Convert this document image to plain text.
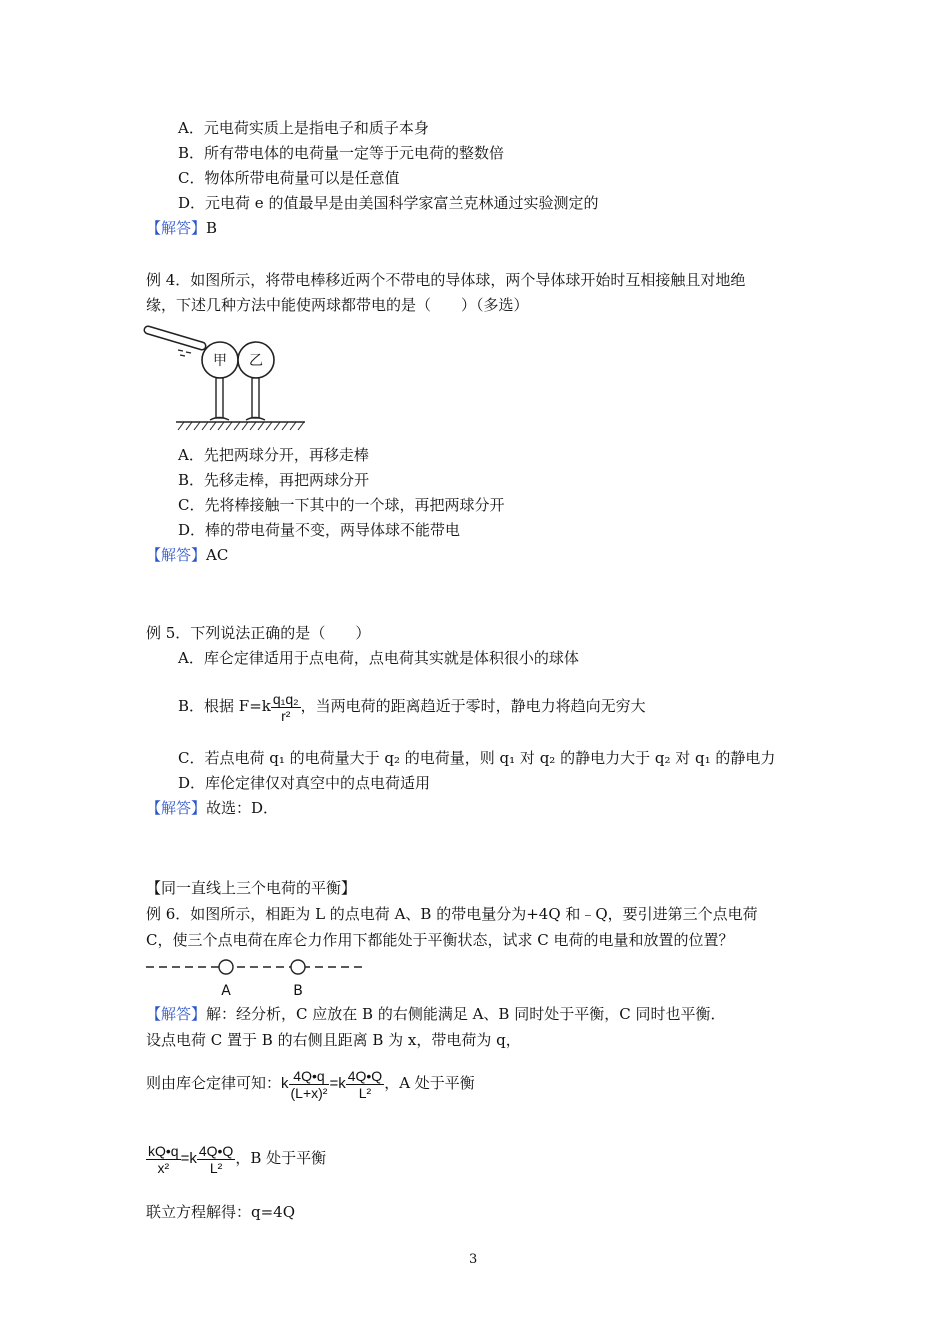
A．元电荷实质上是指电子和质子本身
B．所有带电体的电荷量一定等于元电荷的整数倍
C．物体所带电荷量可以是任意值
D．元电荷 e 的值最早是由美国科学家富兰克林通过实验测定的
【解答】B
例 4．如图所示，将带电棒移近两个不带电的导体球，两个导体球开始时互相接触且对地绝
缘，下述几种方法中能使两球都带电的是（　　）（多选）
甲 乙
A．先把两球分开，再移走棒
B．先移走棒，再把两球分开
C．先将棒接触一下其中的一个球，再把两球分开
D．棒的带电荷量不变，两导体球不能带电
【解答】AC
例 5．下列说法正确的是（　　）
A．库仑定律适用于点电荷，点电荷其实就是体积很小的球体
B．根据 $F=k \frac{\text{q₁q₂}}{\text{r²}}$ ，当两电荷的距离趋近于零时，静电力将趋向无穷大
C．若点电荷 q₁ 的电荷量大于 q₂ 的电荷量，则 q₁ 对 q₂ 的静电力大于 q₂ 对 q₁ 的静电力
D．库伦定律仅对真空中的点电荷适用
【解答】故选：D．
【同一直线上三个电荷的平衡】
例 6．如图所示，相距为 L 的点电荷 A、B 的带电量分为+4Q 和﹣Q，要引进第三个点电荷
C，使三个点电荷在库仑力作用下都能处于平衡状态，试求 C 电荷的电量和放置的位置？
A	B
【解答】解：经分析，C 应放在 B 的右侧能满足 A、B 同时处于平衡，C 同时也平衡．
设点电荷 C 置于 B 的右侧且距离 B 为 x，带电荷为 q，
则由库仑定律可知：k $\frac{4Q•q}{\text{(L+x)²}} =k \frac{4Q•Q}{\text{L²}}$ ，A 处于平衡
$\frac{kQ•q}{\text{x²}} =k \frac{4Q•Q}{\text{L²}}$ ，B 处于平衡
联立方程解得：q=4Q
3
